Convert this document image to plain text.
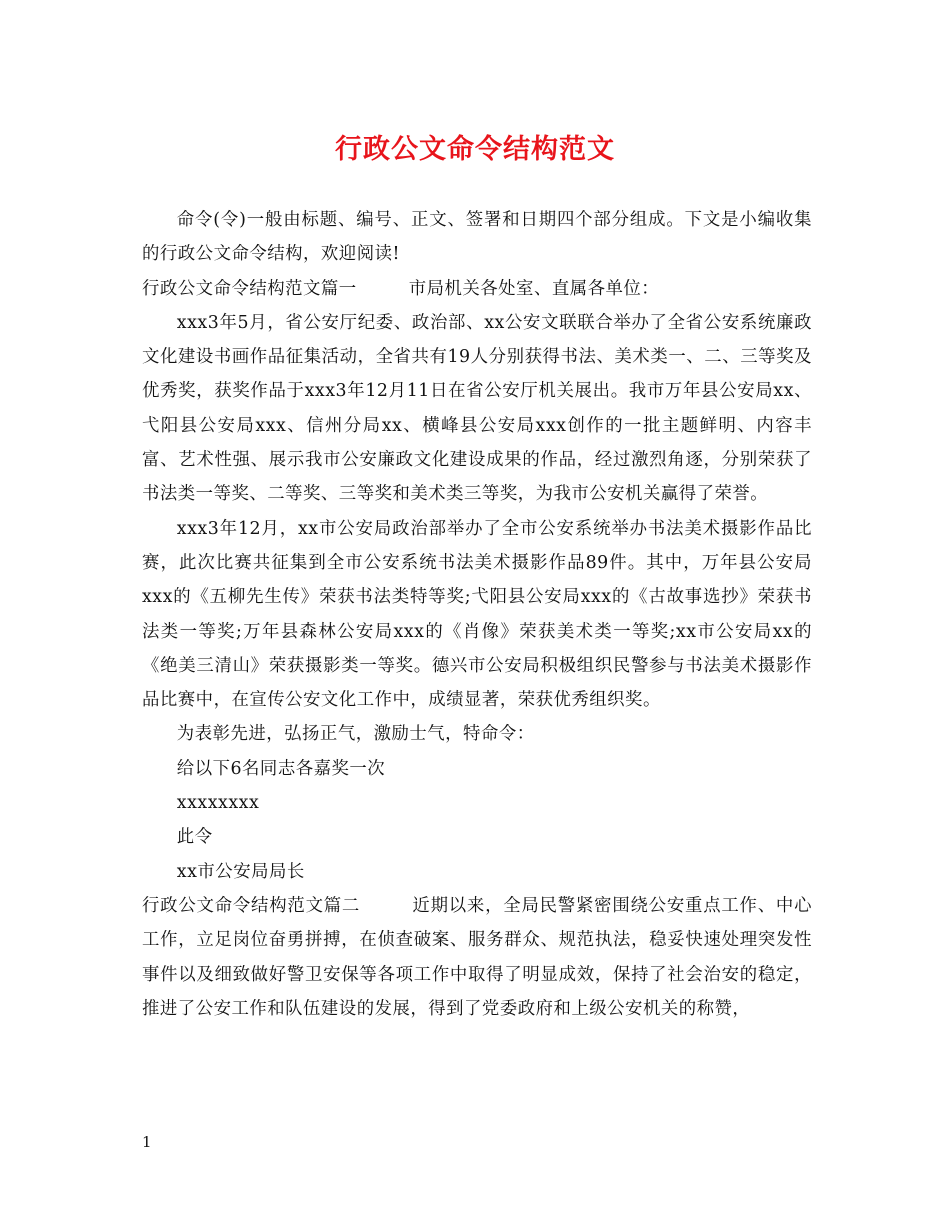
行政公文命令结构范文

命令(令)一般由标题、编号、正文、签署和日期四个部分组成。下文是小编收集的行政公文命令结构，欢迎阅读!

行政公文命令结构范文篇一	市局机关各处室、直属各单位：

xxx3年5月，省公安厅纪委、政治部、xx公安文联联合举办了全省公安系统廉政文化建设书画作品征集活动，全省共有19人分别获得书法、美术类一、二、三等奖及优秀奖，获奖作品于xxx3年12月11日在省公安厅机关展出。我市万年县公安局xx、弋阳县公安局xxx、信州分局xx、横峰县公安局xxx创作的一批主题鲜明、内容丰富、艺术性强、展示我市公安廉政文化建设成果的作品，经过激烈角逐，分别荣获了书法类一等奖、二等奖、三等奖和美术类三等奖，为我市公安机关赢得了荣誉。

xxx3年12月，xx市公安局政治部举办了全市公安系统举办书法美术摄影作品比赛，此次比赛共征集到全市公安系统书法美术摄影作品89件。其中，万年县公安局xxx的《五柳先生传》荣获书法类特等奖;弋阳县公安局xxx的《古故事选抄》荣获书法类一等奖;万年县森林公安局xxx的《肖像》荣获美术类一等奖;xx市公安局xx的《绝美三清山》荣获摄影类一等奖。德兴市公安局积极组织民警参与书法美术摄影作品比赛中，在宣传公安文化工作中，成绩显著，荣获优秀组织奖。

为表彰先进，弘扬正气，激励士气，特命令：

给以下6名同志各嘉奖一次

xxxxxxxx

此令

xx市公安局局长

行政公文命令结构范文篇二	近期以来，全局民警紧密围绕公安重点工作、中心工作，立足岗位奋勇拼搏，在侦查破案、服务群众、规范执法，稳妥快速处理突发性事件以及细致做好警卫安保等各项工作中取得了明显成效，保持了社会治安的稳定，推进了公安工作和队伍建设的发展，得到了党委政府和上级公安机关的称赞，

1
